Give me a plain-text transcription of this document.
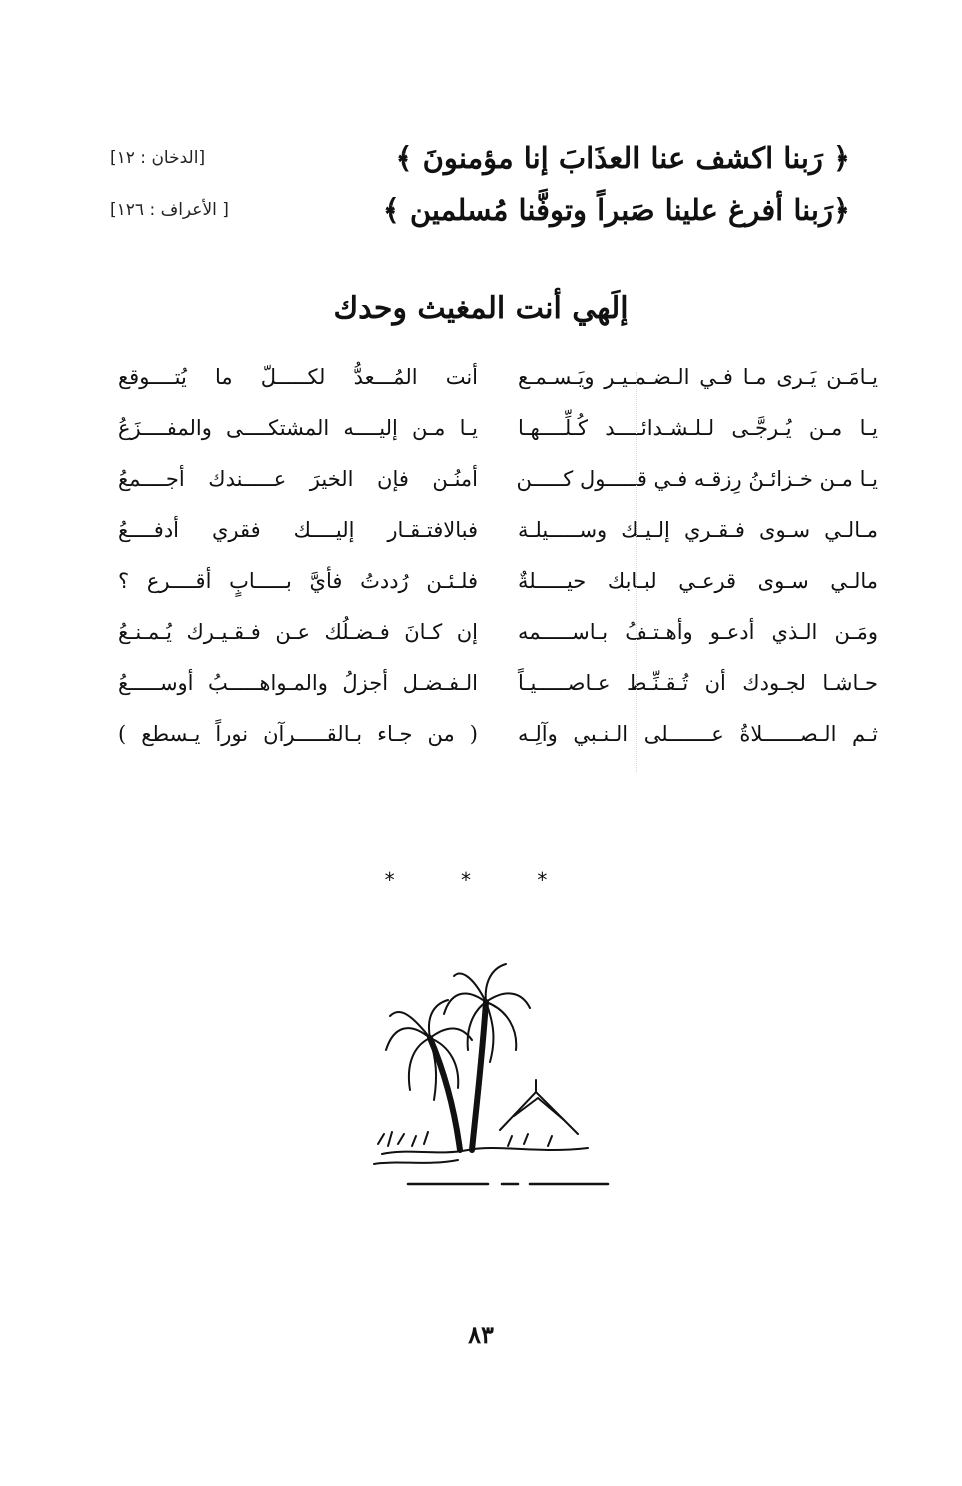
﴿ رَبنا اكشف عنا العذَابَ إنا مؤمنونَ ﴾
[الدخان : ١٢]
﴿رَبنا أفرغ علينا صَبراً وتوفَّنا مُسلمين ﴾
[ الأعراف : ١٢٦]
إلَهي أنت المغيث وحدك
يـامَـن يَـرى مـا فـي الـضـمـيـر ويَـسـمـع
أنت المُـــعدُّ لكـــــلّ ما يُتــــوقع
يـا مـن يُـرجَّـى لـلـشـدائــــد كُـلِّــــهـا
يـا مـن إليــــه المشتكــــى والمفــــزَعُ
يـا مـن خـزائـنُ رِزقـه فـي قـــــول كـــــن
أمنُـن فإن الخيرَ عـــــندك أجــــمعُ
مـالـي سـوى فـقـري إلـيـك وســـــيلـة
فبالافتـقـار إليــــك فقري أدفــــعُ
مالـي سـوى قرعـي لبـابك حيـــــلةٌ
فلـئـن رُددتُ فأيَّ بـــــابٍ أقــــرع ؟
ومَـن الـذي أدعـو وأهـتـفُ بـاســـــمه
إن كـانَ فـضـلُك عـن فـقـيـرك يُـمـنـعُ
حـاشـا لجـودك أن تُـقـنِّـط عـاصـــــيـاً
الـفـضـل أجزلُ والمـواهـــــبُ أوســـــعُ
ثـم الـصــــــلاةُ عـــــــلى الـنـبي وآلِـه
( من جـاء بـالقـــــرآن نوراً يـسطع )
* * *
٨٣
